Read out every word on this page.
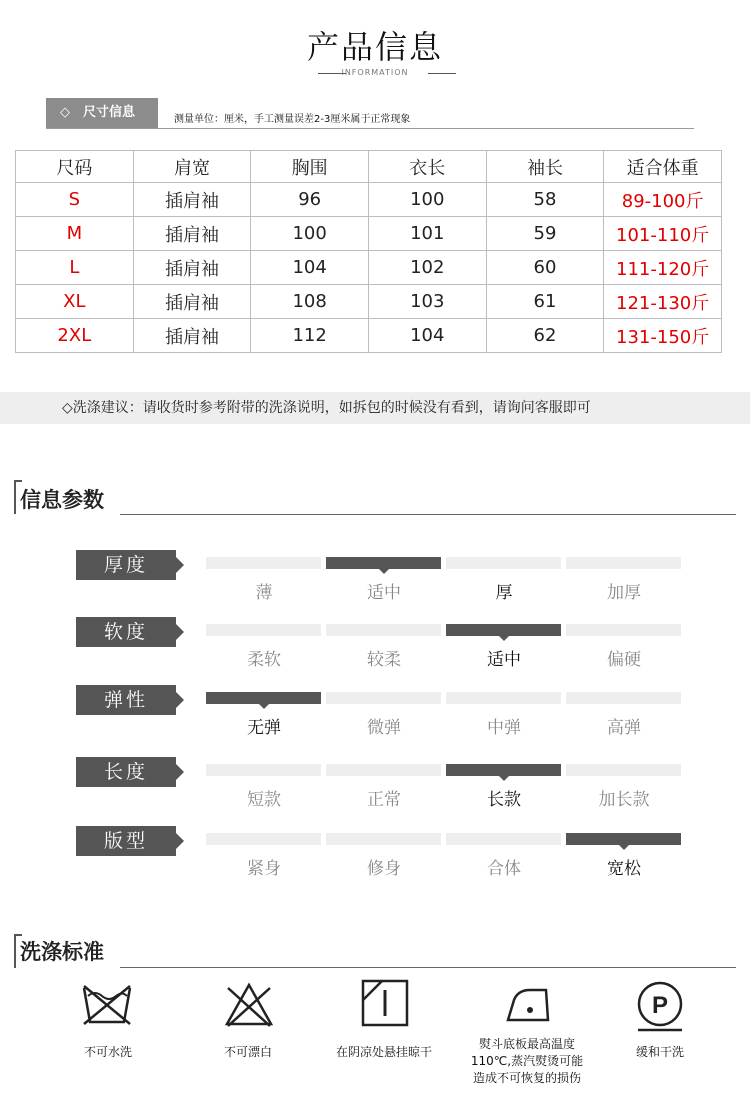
产品信息
INFORMATION
◇　尺寸信息	测量单位：厘米，手工测量误差2-3厘米属于正常现象
尺码	肩宽	胸围	衣长	袖长	适合体重
S	插肩袖	96	100	58	89-100斤
M	插肩袖	100	101	59	101-110斤
L	插肩袖	104	102	60	111-120斤
XL	插肩袖	108	103	61	121-130斤
2XL	插肩袖	112	104	62	131-150斤
◇洗涤建议：请收货时参考附带的洗涤说明，如拆包的时候没有看到，请询问客服即可
信息参数
厚度
薄	适中	厚	加厚
软度
柔软	较柔	适中	偏硬
弹性
无弹	微弹	中弹	高弹
长度
短款	正常	长款	加长款
版型
紧身	修身	合体	宽松
洗涤标准
不可水洗	不可漂白	在阴凉处悬挂晾干
熨斗底板最高温度110℃,蒸汽熨烫可能造成不可恢复的损伤
P
缓和干洗
